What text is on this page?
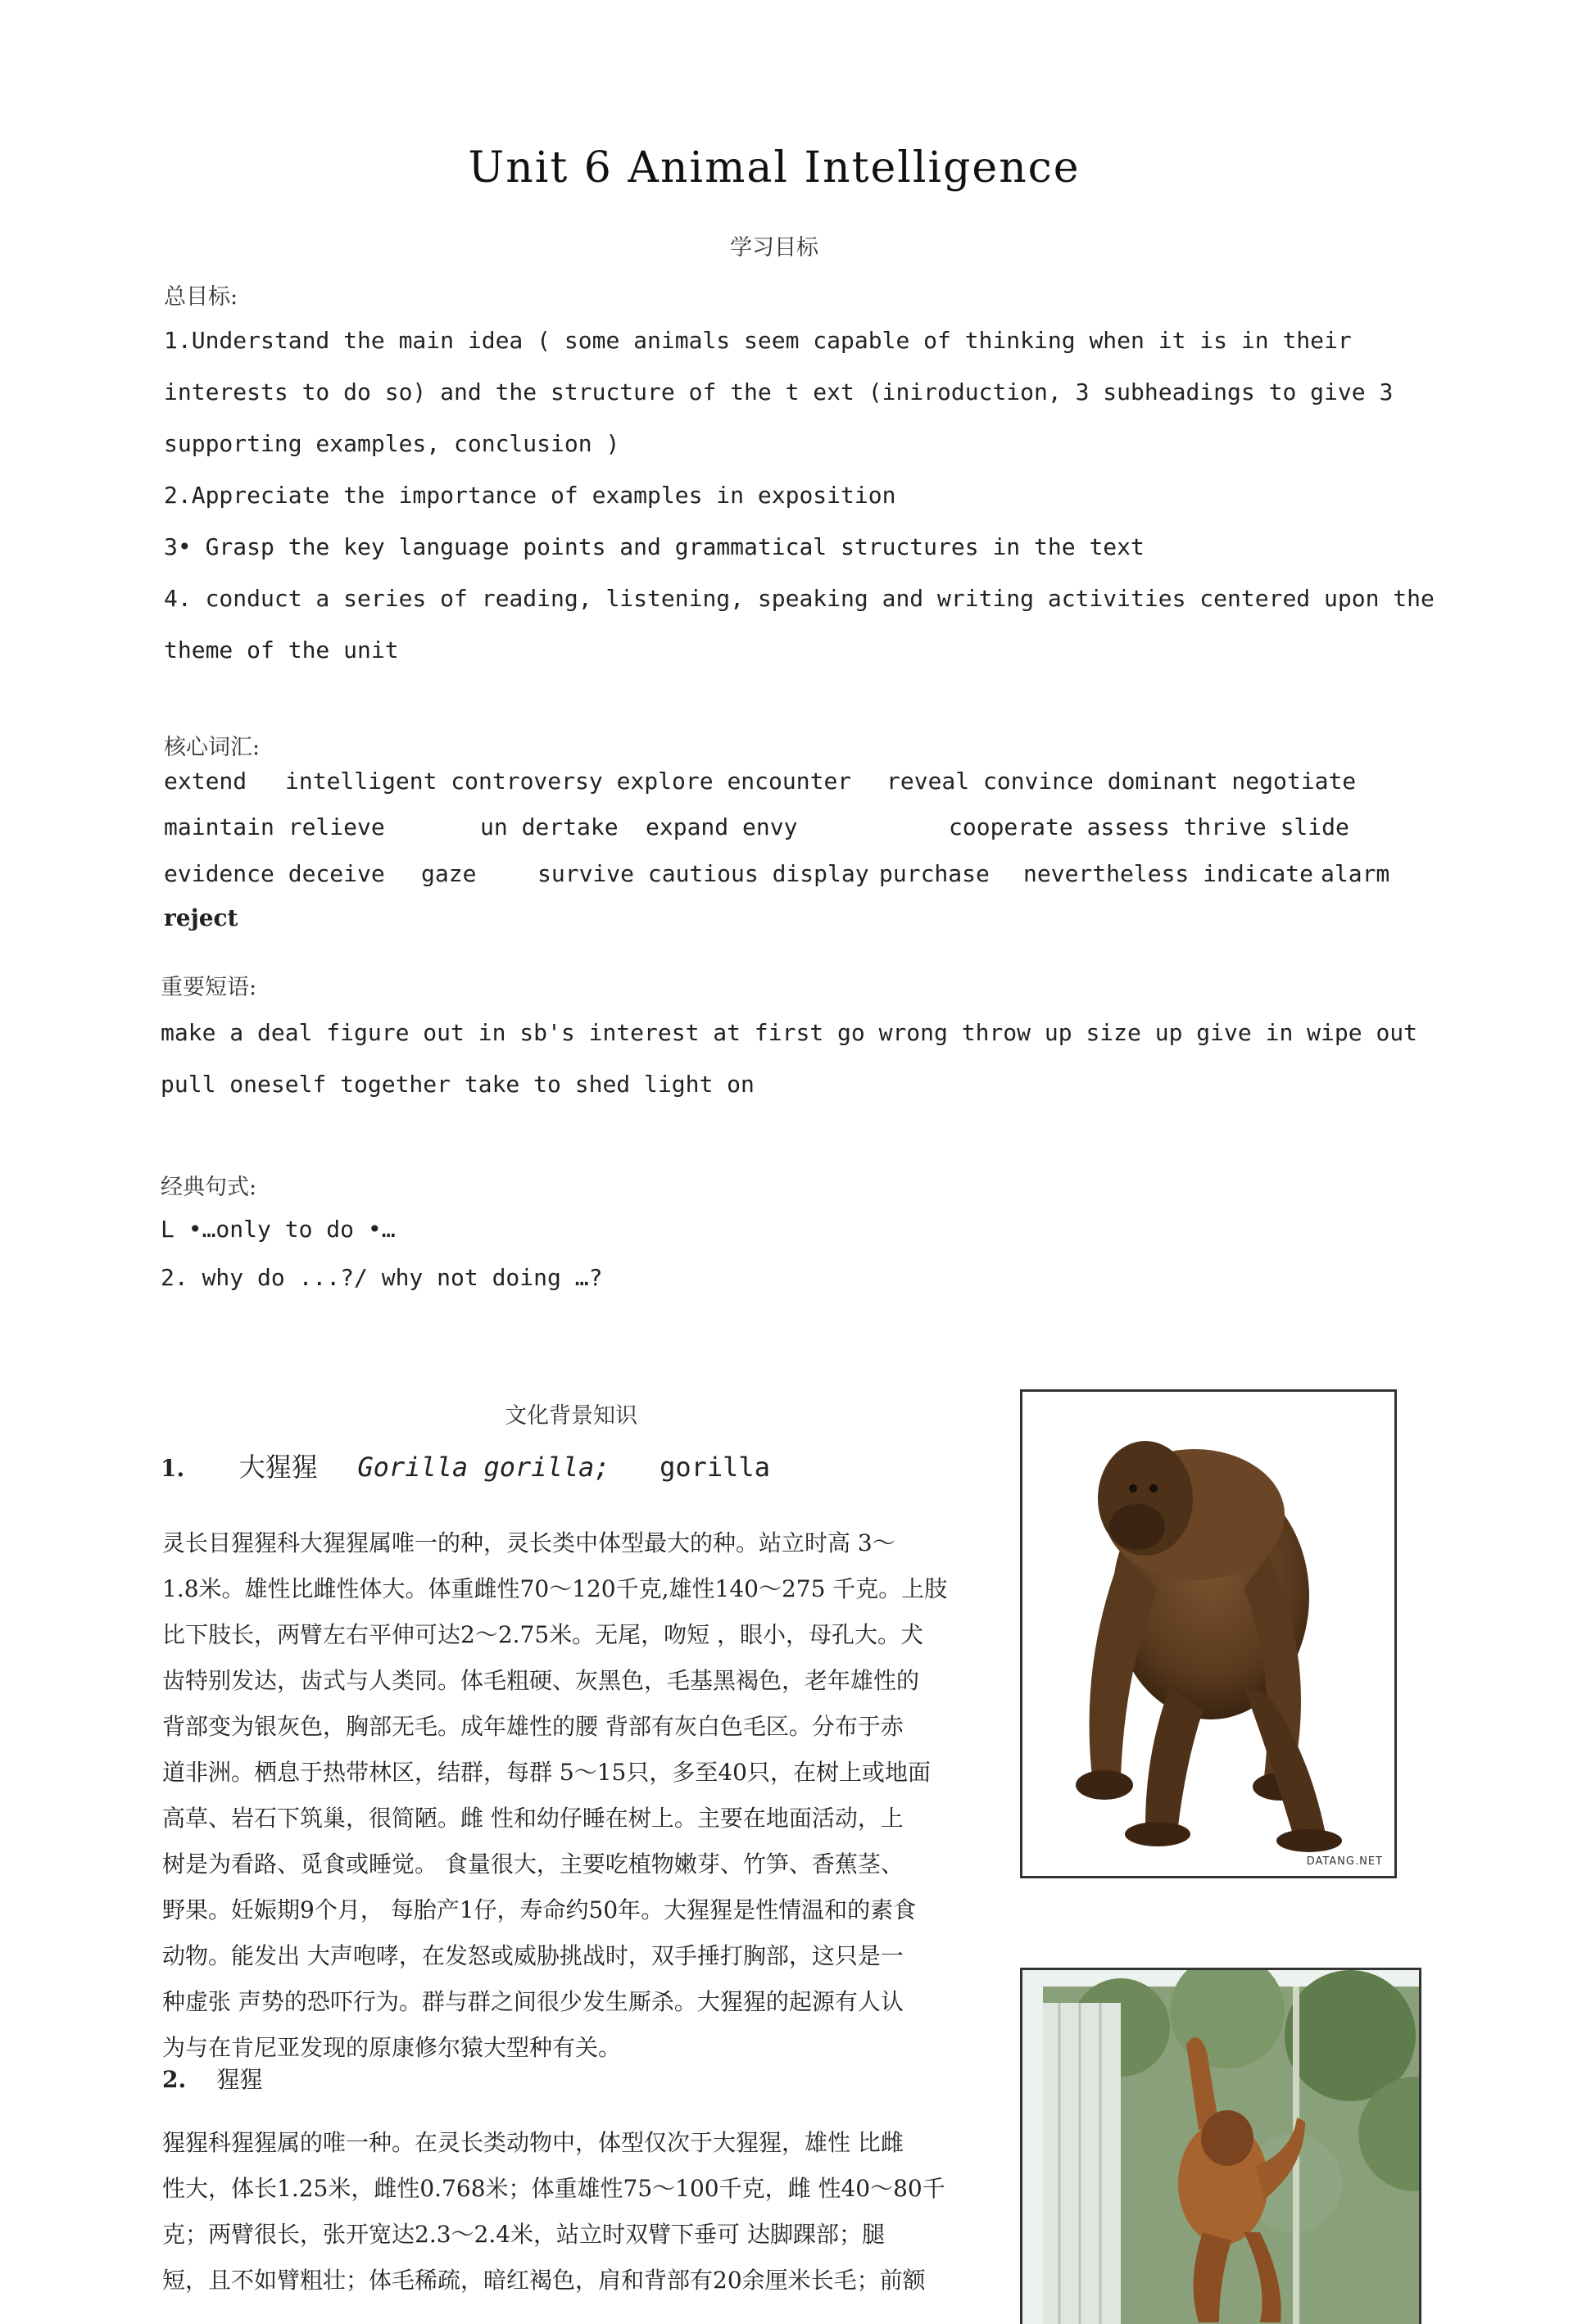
Unit 6 Animal Intelligence
学习目标
总目标:
1.Understand the main idea ( some animals seem capable of thinking when it is in their
interests to do so) and the structure of the t ext (iniroduction, 3 subheadings to give 3
supporting examples, conclusion )
2.Appreciate the importance of examples in exposition
3• Grasp the key language points and grammatical structures in the text
4. conduct a series of reading, listening, speaking and writing activities centered upon the
theme of the unit
核心词汇:
extend intelligent controversy explore encounter reveal convince dominant negotiate
maintain relieve	un dertake expand envy	cooperate assess thrive slide
evidence deceive gaze	survive cautious display purchase nevertheless indicate alarm
reject
重要短语:
make a deal figure out in sb's interest at first go wrong throw up size up give in wipe out
pull oneself together take to shed light on
经典句式:
L •…only to do •…
2. why do ...?/ why not doing …?
文化背景知识
1. 大猩猩 Gorilla gorilla; gorilla
灵长目猩猩科大猩猩属唯一的种，灵长类中体型最大的种。站立时高 3～
1.8米。雄性比雌性体大。体重雌性70～120千克,雄性140～275 千克。上肢
比下肢长，两臂左右平伸可达2～2.75米。无尾，吻短 ，眼小，母孔大。犬
齿特别发达，齿式与人类同。体毛粗硬、灰黑色，毛基黑褐色，老年雄性的
背部变为银灰色，胸部无毛。成年雄性的腰 背部有灰白色毛区。分布于赤
道非洲。栖息于热带林区，结群，每群 5～15只，多至40只，在树上或地面
高草、岩石下筑巢，很简陋。雌 性和幼仔睡在树上。主要在地面活动，上
树是为看路、觅食或睡觉。 食量很大，主要吃植物嫩芽、竹笋、香蕉茎、
野果。妊娠期9个月， 每胎产1仔，寿命约50年。大猩猩是性情温和的素食
动物。能发出 大声咆哮，在发怒或威胁挑战时，双手捶打胸部，这只是一
种虚张 声势的恐吓行为。群与群之间很少发生厮杀。大猩猩的起源有人认
为与在肯尼亚发现的原康修尔猿大型种有关。
2. 猩猩
猩猩科猩猩属的唯一种。在灵长类动物中，体型仅次于大猩猩，雄性 比雌
性大，体长1.25米，雌性0.768米；体重雄性75～100千克，雌 性40～80千
克；两臂很长，张开宽达2.3～2.4米，站立时双臂下垂可 达脚踝部；腿
短，且不如臂粗壮；体毛稀疏，暗红褐色，肩和背部有20余厘米长毛；前额
DATANG.NET
